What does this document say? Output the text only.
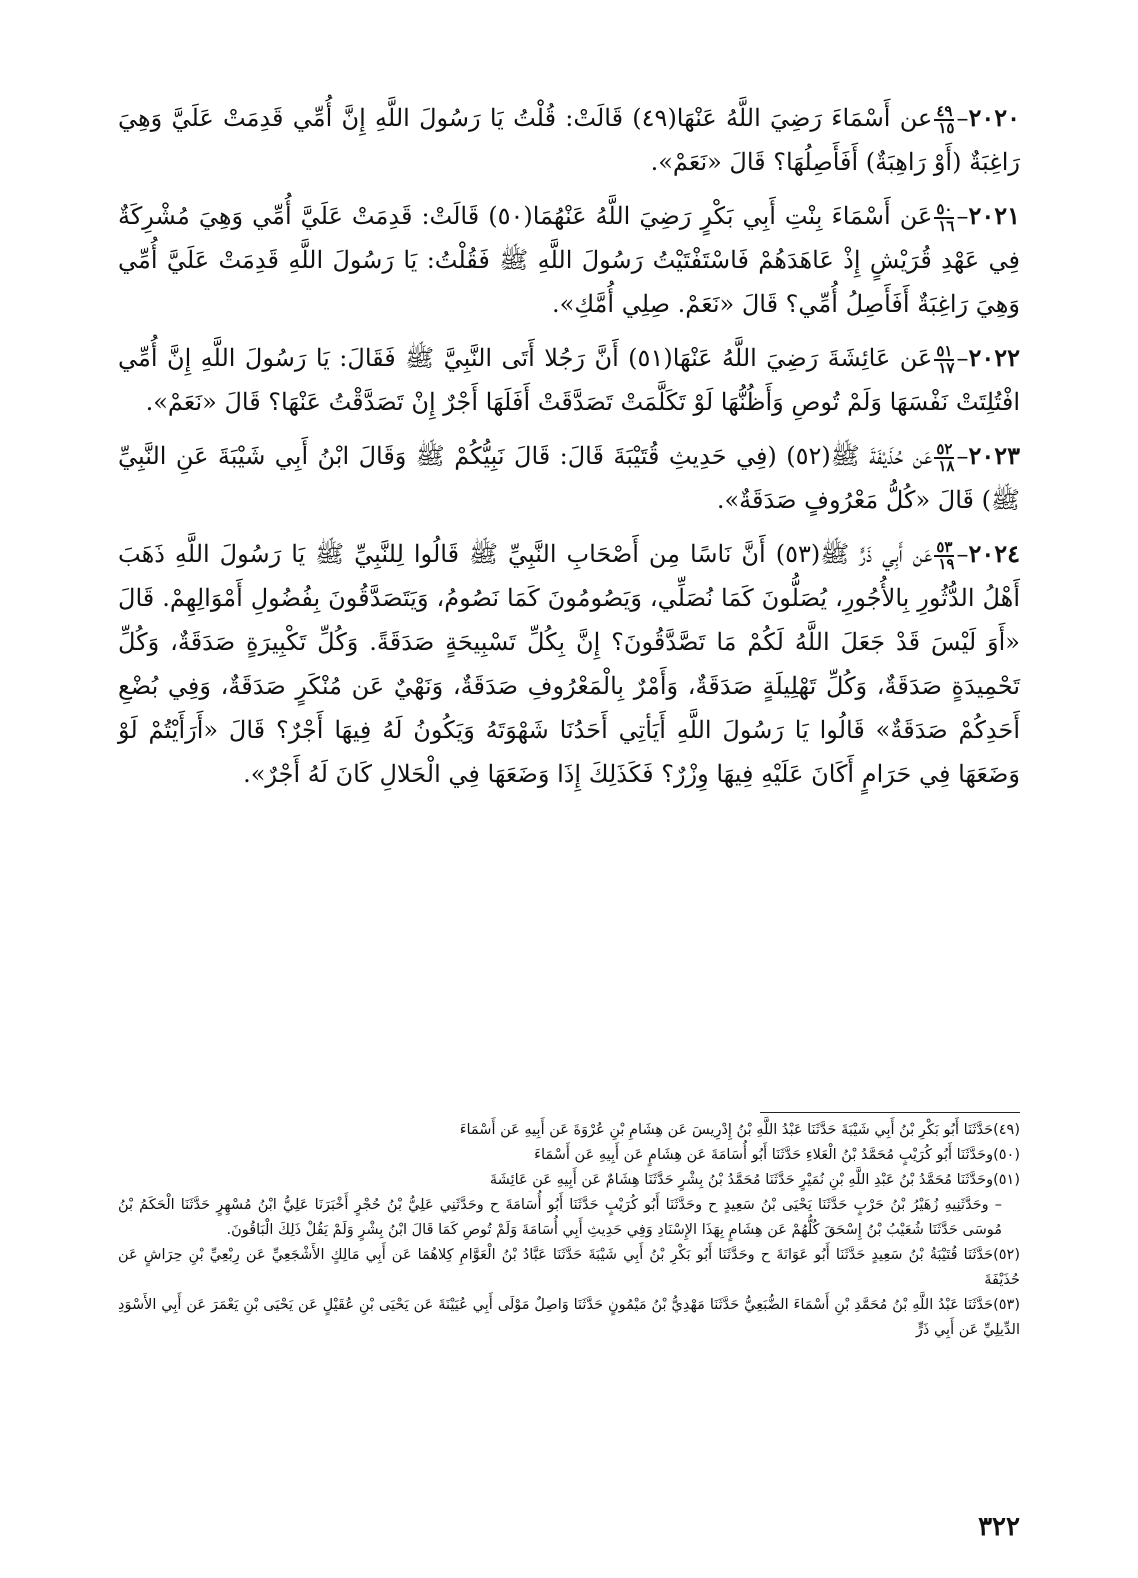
٢٠٢٠–
$\frac{٤٩}{١٥}$
عن أَسْمَاءَ رَضِيَ اللَّهُ عَنْهَا(٤٩) قَالَتْ: قُلْتُ يَا رَسُولَ اللَّهِ إِنَّ أُمِّي قَدِمَتْ عَلَيَّ وَهِيَ رَاغِبَةٌ (أَوْ رَاهِبَةٌ) أَفَأَصِلُهَا؟ قَالَ «نَعَمْ».

٢٠٢١–
$\frac{٥٠}{١٦}$
عَن أَسْمَاءَ بِنْتِ أَبِي بَكْرٍ رَضِيَ اللَّهُ عَنْهُمَا(٥٠) قَالَتْ: قَدِمَتْ عَلَيَّ أُمِّي وَهِيَ مُشْرِكَةٌ فِي عَهْدِ قُرَيْشٍ إِذْ عَاهَدَهُمْ فَاسْتَفْتَيْتُ رَسُولَ اللَّهِ ﷺ فَقُلْتُ: يَا رَسُولَ اللَّهِ قَدِمَتْ عَلَيَّ أُمِّي وَهِيَ رَاغِبَةٌ أَفَأَصِلُ أُمِّي؟ قَالَ «نَعَمْ. صِلِي أُمَّكِ».

٢٠٢٢–
$\frac{٥١}{١٧}$
عَن عَائِشَةَ رَضِيَ اللَّهُ عَنْهَا(٥١) أَنَّ رَجُلا أَتَى النَّبِيَّ ﷺ فَقَالَ: يَا رَسُولَ اللَّهِ إِنَّ أُمِّي افْتُلِتَتْ نَفْسَهَا وَلَمْ تُوصِ وَأَظُنُّهَا لَوْ تَكَلَّمَتْ تَصَدَّقَتْ أَفَلَهَا أَجْرٌ إِنْ تَصَدَّقْتُ عَنْهَا؟ قَالَ «نَعَمْ».

٢٠٢٣–
$\frac{٥٢}{١٨}$
عَن حُذَيْفَةَ ﷺ(٥٢) (فِي حَدِيثِ قُتَيْبَةَ قَالَ: قَالَ نَبِيُّكُمْ ﷺ وَقَالَ ابْنُ أَبِي شَيْبَةَ عَنِ النَّبِيِّ ﷺ) قَالَ «كُلُّ مَعْرُوفٍ صَدَقَةٌ».

٢٠٢٤–
$\frac{٥٣}{١٩}$
عَن أَبِي ذَرٍّ ﷺ(٥٣) أَنَّ نَاسًا مِن أَصْحَابِ النَّبِيِّ ﷺ قَالُوا لِلنَّبِيِّ ﷺ يَا رَسُولَ اللَّهِ ذَهَبَ أَهْلُ الدُّثُورِ بِالأُجُورِ، يُصَلُّونَ كَمَا نُصَلِّي، وَيَصُومُونَ كَمَا نَصُومُ، وَيَتَصَدَّقُونَ بِفُضُولِ أَمْوَالِهِمْ. قَالَ «أَوَ لَيْسَ قَدْ جَعَلَ اللَّهُ لَكُمْ مَا تَصَّدَّقُونَ؟ إِنَّ بِكُلِّ تَسْبِيحَةٍ صَدَقَةً. وَكُلِّ تَكْبِيرَةٍ صَدَقَةٌ، وَكُلِّ تَحْمِيدَةٍ صَدَقَةٌ، وَكُلِّ تَهْلِيلَةٍ صَدَقَةٌ، وَأَمْرٌ بِالْمَعْرُوفِ صَدَقَةٌ، وَنَهْيٌ عَن مُنْكَرٍ صَدَقَةٌ، وَفِي بُضْعِ أَحَدِكُمْ صَدَقَةٌ» قَالُوا يَا رَسُولَ اللَّهِ أَيَأتِي أَحَدُنَا شَهْوَتَهُ وَيَكُونُ لَهُ فِيهَا أَجْرٌ؟ قَالَ «أَرَأَيْتُمْ لَوْ وَضَعَهَا فِي حَرَامٍ أَكَانَ عَلَيْهِ فِيهَا وِزْرٌ؟ فَكَذَلِكَ إِذَا وَضَعَهَا فِي الْحَلالِ كَانَ لَهُ أَجْرٌ».

(٤٩)حَدَّثَنَا أَبُو بَكْرِ بْنُ أَبِي شَيْبَةَ حَدَّثَنَا عَبْدُ اللَّهِ بْنُ إِدْرِيسَ عَن هِشَامِ بْنِ عُرْوَةَ عَن أَبِيهِ عَن أَسْمَاءَ

(٥٠)وحَدَّثَنَا أَبُو كُرَيْبٍ مُحَمَّدُ بْنُ الْعَلاءِ حَدَّثَنَا أَبُو أُسَامَةَ عَن هِشَامٍ عَن أَبِيهِ عَن أَسْمَاءَ

(٥١)وحَدَّثَنَا مُحَمَّدُ بْنُ عَبْدِ اللَّهِ بْنِ نُمَيْرٍ حَدَّثَنَا مُحَمَّدُ بْنُ بِشْرٍ حَدَّثَنَا هِشَامٌ عَن أَبِيهِ عَن عَائِشَةَ

– وحَدَّثَنِيهِ زُهَيْرُ بْنُ حَرْبٍ حَدَّثَنَا يَحْيَى بْنُ سَعِيدٍ ح وحَدَّثَنَا أَبُو كُرَيْبٍ حَدَّثَنَا أَبُو أُسَامَةَ ح وحَدَّثَنِي عَلِيُّ بْنُ حُجْرٍ أَخْبَرَنَا عَلِيُّ ابْنُ مُسْهِرٍ حَدَّثَنَا الْحَكَمُ بْنُ مُوسَى حَدَّثَنَا شُعَيْبُ بْنُ إِسْحَقَ كُلُّهُمْ عَن هِشَامٍ بِهَذَا الإِسْنَادِ وَفِي حَدِيثِ أَبِي أُسَامَةَ وَلَمْ تُوصِ كَمَا قَالَ ابْنُ بِشْرٍ وَلَمْ يَقُلْ ذَلِكَ الْبَاقُونَ.

(٥٢)حَدَّثَنَا قُتَيْبَةُ بْنُ سَعِيدٍ حَدَّثَنَا أَبُو عَوَانَةَ ح وحَدَّثَنَا أَبُو بَكْرِ بْنُ أَبِي شَيْبَةَ حَدَّثَنَا عَبَّادُ بْنُ الْعَوَّامِ كِلاهُمَا عَن أَبِي مَالِكٍ الأَشْجَعِيِّ عَن رِبْعِيِّ بْنِ حِرَاشٍ عَن حُذَيْفَةَ

(٥٣)حَدَّثَنَا عَبْدُ اللَّهِ بْنُ مُحَمَّدِ بْنِ أَسْمَاءَ الضُّبَعِيُّ حَدَّثَنَا مَهْدِيُّ بْنُ مَيْمُونٍ حَدَّثَنَا وَاصِلٌ مَوْلَى أَبِي عُيَيْنَةَ عَن يَحْيَى بْنِ عُقَيْلٍ عَن يَحْيَى بْنِ يَعْمَرَ عَن أَبِي الأَسْوَدِ الدِّيلِيِّ عَن أَبِي ذَرٍّ

٣٢٢
